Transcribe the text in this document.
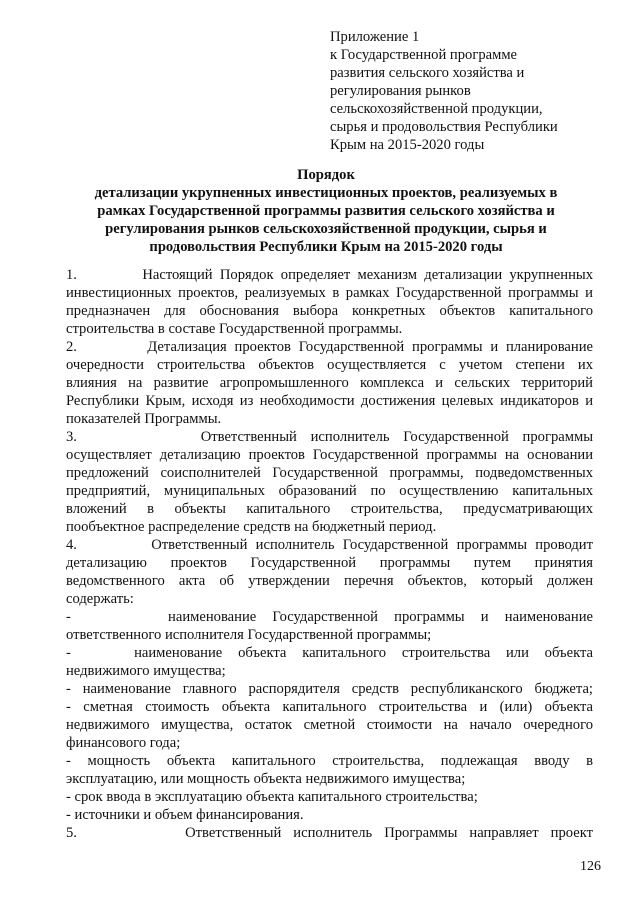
Приложение 1
к Государственной программе
развития сельского хозяйства и
регулирования рынков
сельскохозяйственной продукции,
сырья и продовольствия Республики
Крым на 2015-2020 годы
Порядок
детализации укрупненных инвестиционных проектов, реализуемых в
рамках Государственной программы развития сельского хозяйства и
регулирования рынков сельскохозяйственной продукции, сырья и
продовольствия Республики Крым на 2015-2020 годы
1.         Настоящий Порядок определяет механизм детализации укрупненных
инвестиционных проектов, реализуемых в рамках Государственной программы и
предназначен для обоснования выбора конкретных объектов капитального
строительства в составе Государственной программы.
2.         Детализация проектов Государственной программы и планирование
очередности строительства объектов осуществляется с учетом степени их
влияния на развитие агропромышленного комплекса и сельских территорий
Республики Крым, исходя из необходимости достижения целевых индикаторов и
показателей Программы.
3.         Ответственный исполнитель Государственной программы
осуществляет детализацию проектов Государственной программы на основании
предложений соисполнителей Государственной программы, подведомственных
предприятий, муниципальных образований по осуществлению капитальных
вложений в объекты капитального строительства, предусматривающих
пообъектное распределение средств на бюджетный период.
4.         Ответственный исполнитель Государственной программы проводит
детализацию проектов Государственной программы путем принятия
ведомственного акта об утверждении перечня объектов, который должен
содержать:
-      наименование Государственной программы и наименование
ответственного исполнителя Государственной программы;
-    наименование объекта капитального строительства или объекта
недвижимого имущества;
- наименование главного распорядителя средств республиканского бюджета;
- сметная стоимость объекта капитального строительства и (или) объекта
недвижимого имущества, остаток сметной стоимости на начало очередного
финансового года;
- мощность объекта капитального строительства, подлежащая вводу в
эксплуатацию, или мощность объекта недвижимого имущества;
- срок ввода в эксплуатацию объекта капитального строительства;
- источники и объем финансирования.
5.         Ответственный исполнитель Программы направляет проект
126
